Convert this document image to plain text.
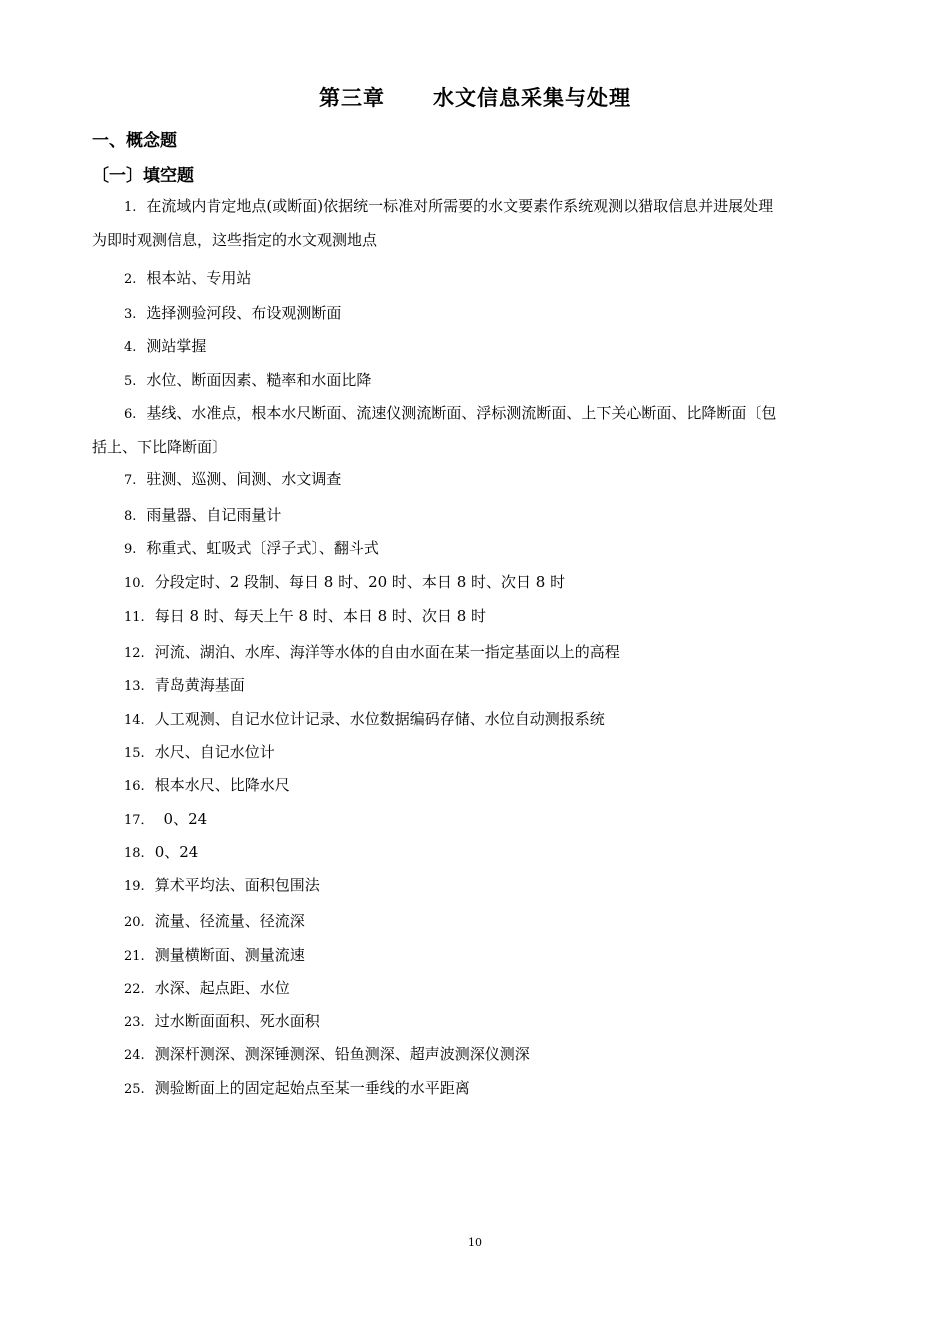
第三章 水文信息采集与处理
一、概念题
〔一〕填空题
1. 在流域内肯定地点(或断面)依据统一标准对所需要的水文要素作系统观测以猎取信息并进展处理
为即时观测信息，这些指定的水文观测地点
2. 根本站、专用站
3. 选择测验河段、布设观测断面
4. 测站掌握
5. 水位、断面因素、糙率和水面比降
6. 基线、水准点，根本水尺断面、流速仪测流断面、浮标测流断面、上下关心断面、比降断面〔包
括上、下比降断面〕
7. 驻测、巡测、间测、水文调查
8. 雨量器、自记雨量计
9. 称重式、虹吸式〔浮子式〕、翻斗式
10. 分段定时、2 段制、每日 8 时、20 时、本日 8 时、次日 8 时
11. 每日 8 时、每天上午 8 时、本日 8 时、次日 8 时
12. 河流、湖泊、水库、海洋等水体的自由水面在某一指定基面以上的高程
13. 青岛黄海基面
14. 人工观测、自记水位计记录、水位数据编码存储、水位自动测报系统
15. 水尺、自记水位计
16. 根本水尺、比降水尺
17． 0、24
18. 0、24
19. 算术平均法、面积包围法
20. 流量、径流量、径流深
21. 测量横断面、测量流速
22. 水深、起点距、水位
23. 过水断面面积、死水面积
24. 测深杆测深、测深锤测深、铅鱼测深、超声波测深仪测深
25. 测验断面上的固定起始点至某一垂线的水平距离
10
